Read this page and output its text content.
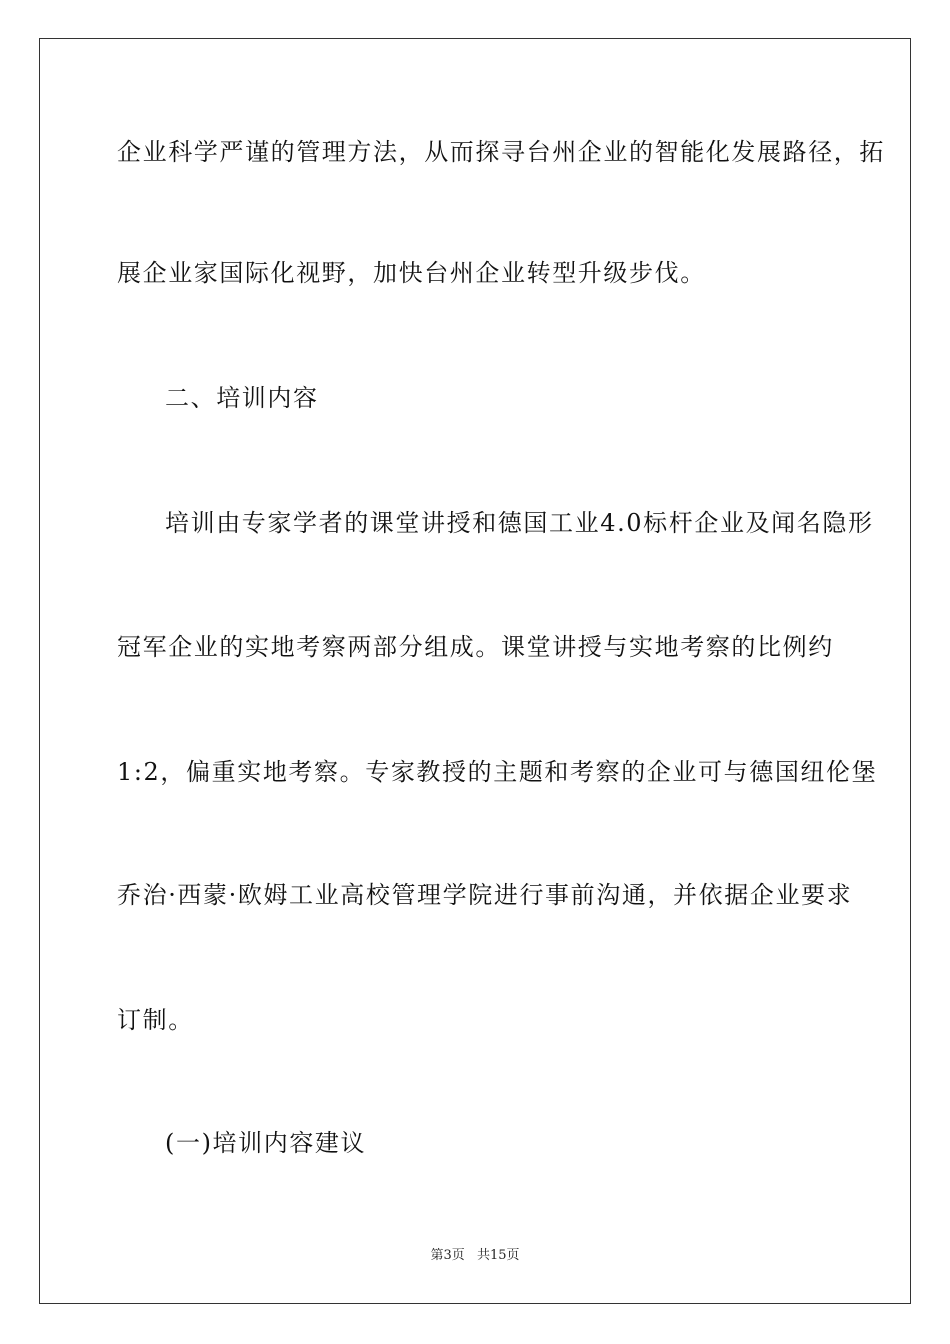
企业科学严谨的管理方法，从而探寻台州企业的智能化发展路径，拓
展企业家国际化视野，加快台州企业转型升级步伐。
二、培训内容
培训由专家学者的课堂讲授和德国工业4.0标杆企业及闻名隐形
冠军企业的实地考察两部分组成。课堂讲授与实地考察的比例约
1:2，偏重实地考察。专家教授的主题和考察的企业可与德国纽伦堡
乔治·西蒙·欧姆工业高校管理学院进行事前沟通，并依据企业要求
订制。
(一)培训内容建议
第3页 共15页
